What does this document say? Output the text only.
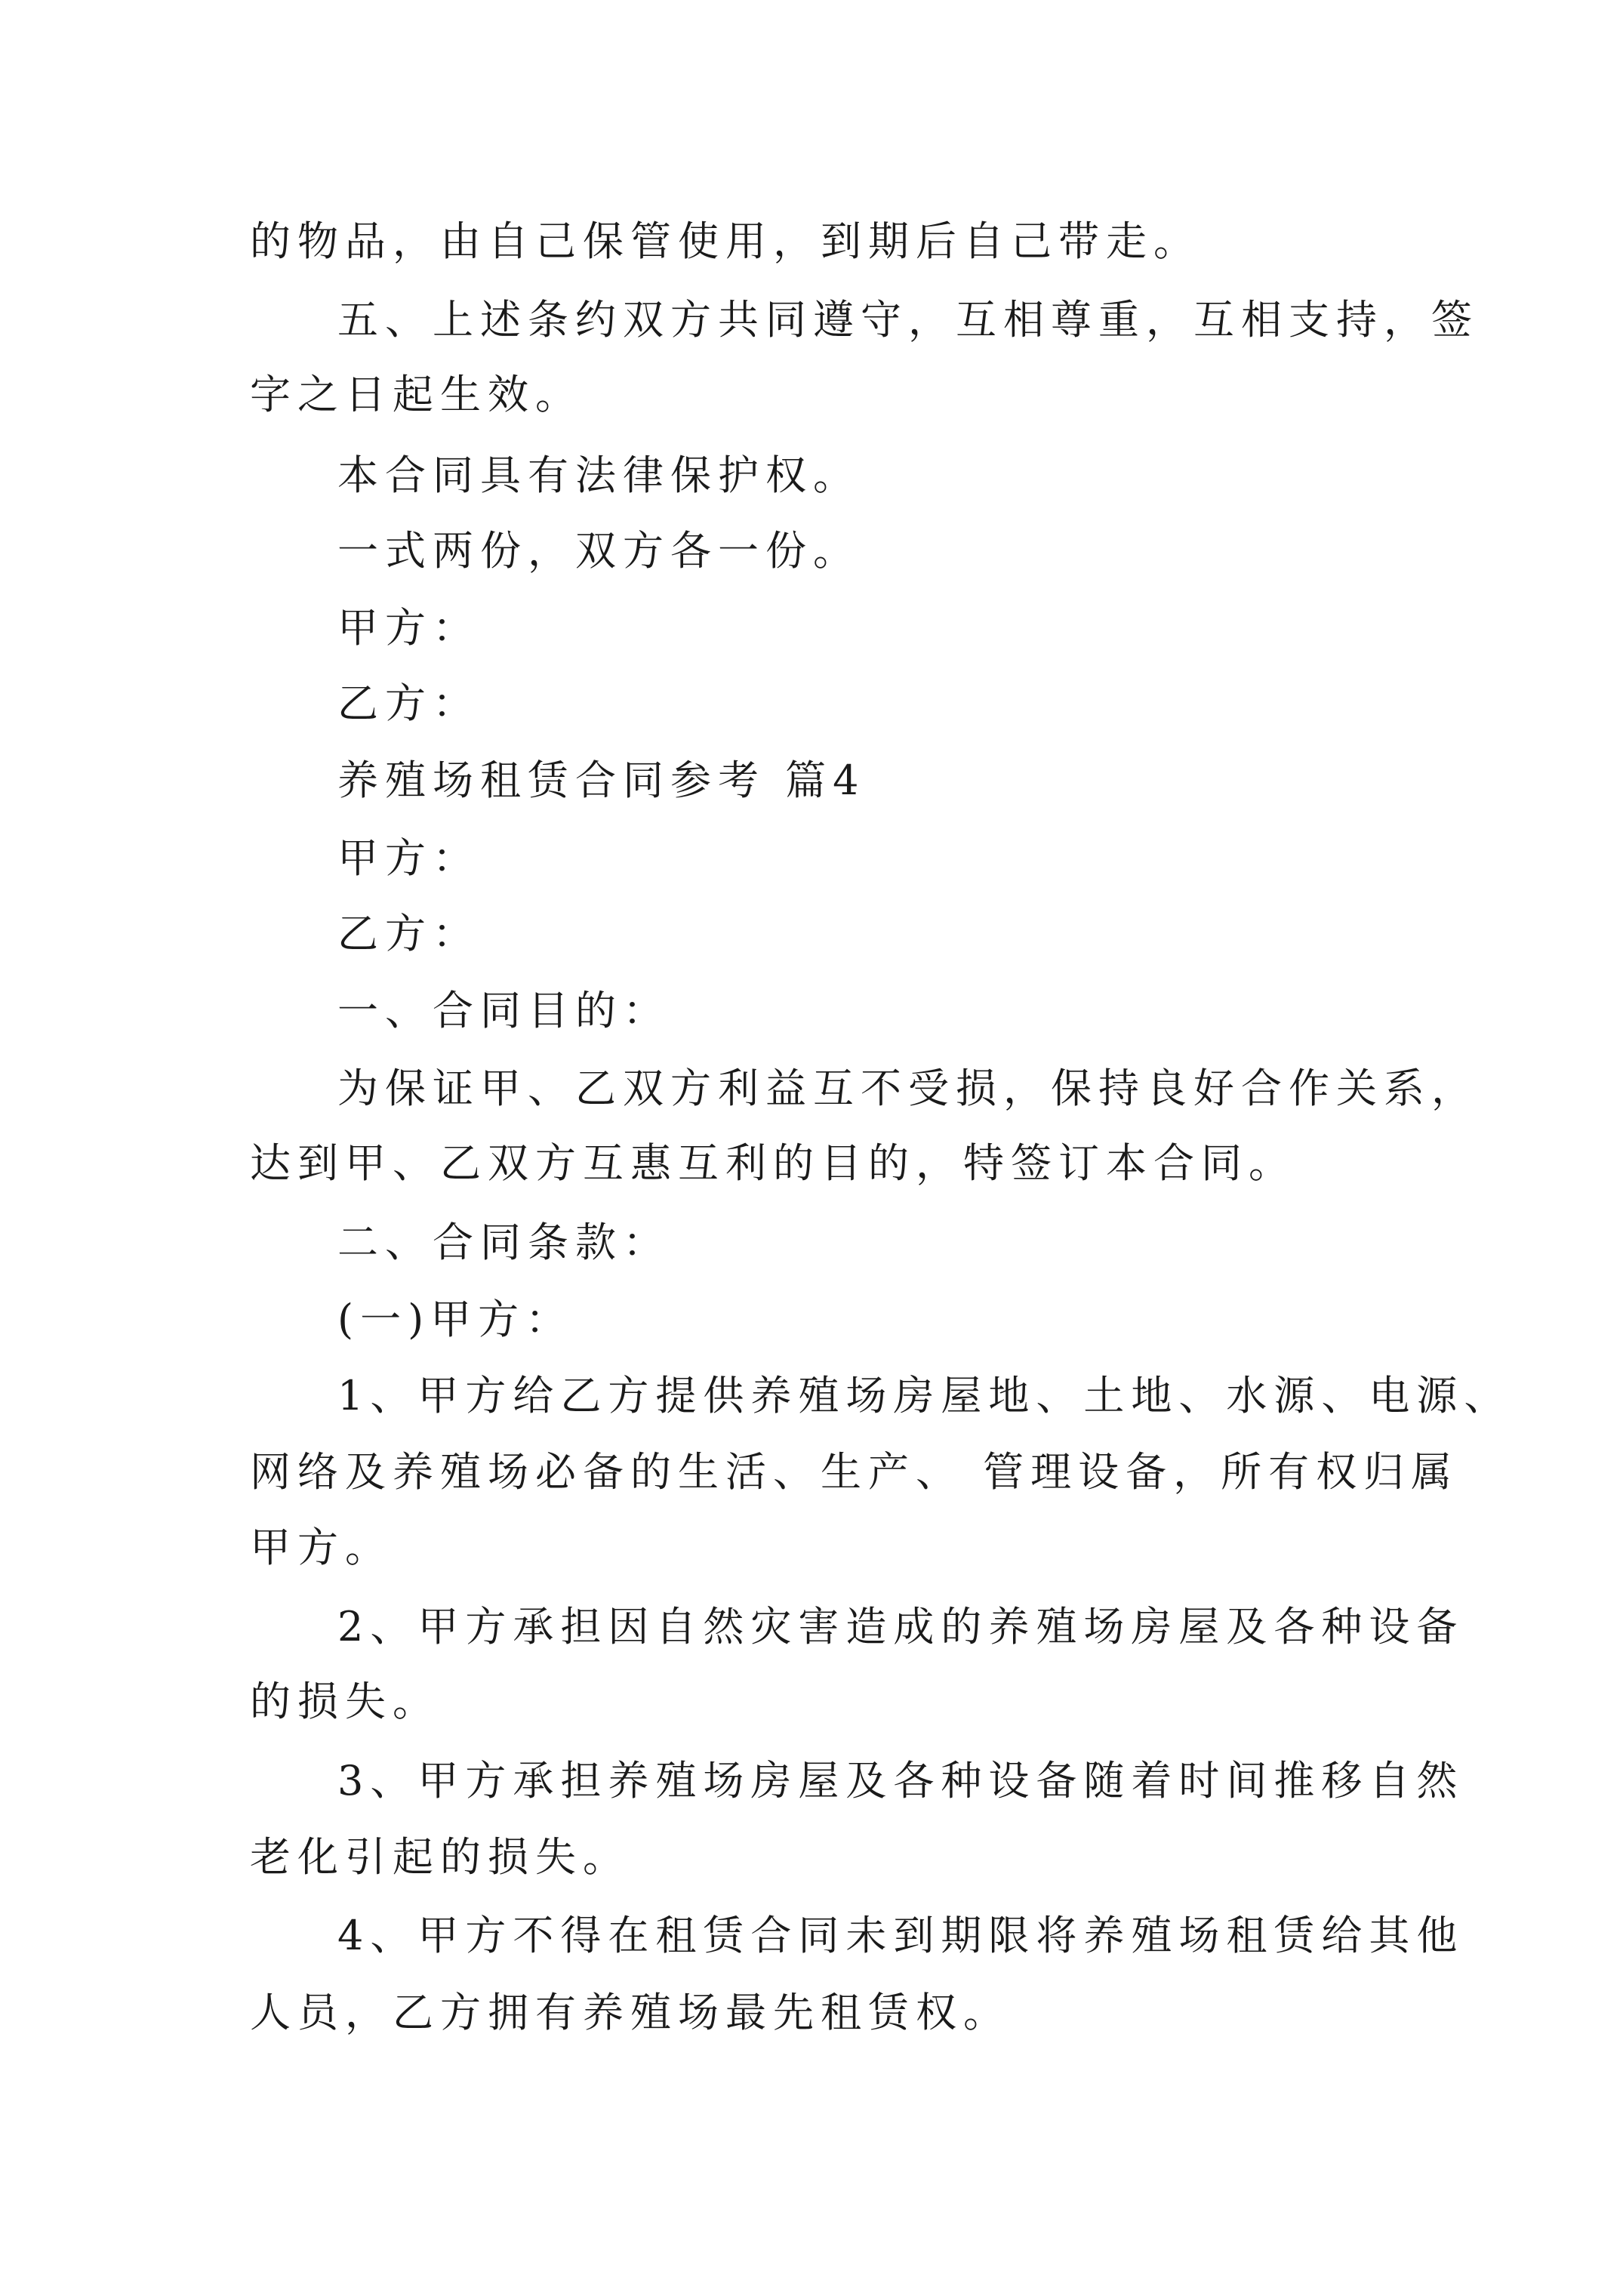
的物品，由自己保管使用，到期后自己带走。
五、上述条约双方共同遵守，互相尊重，互相支持，签
字之日起生效。
本合同具有法律保护权。
一式两份，双方各一份。
甲方：
乙方：
养殖场租赁合同参考 篇4
甲方：
乙方：
一、合同目的：
为保证甲、乙双方利益互不受损，保持良好合作关系，
达到甲、乙双方互惠互利的目的，特签订本合同。
二、合同条款：
(一)甲方：
1、甲方给乙方提供养殖场房屋地、土地、水源、电源、
网络及养殖场必备的生活、生产、 管理设备，所有权归属
甲方。
2、甲方承担因自然灾害造成的养殖场房屋及各种设备
的损失。
3、甲方承担养殖场房屋及各种设备随着时间推移自然
老化引起的损失。
4、甲方不得在租赁合同未到期限将养殖场租赁给其他
人员，乙方拥有养殖场最先租赁权。
